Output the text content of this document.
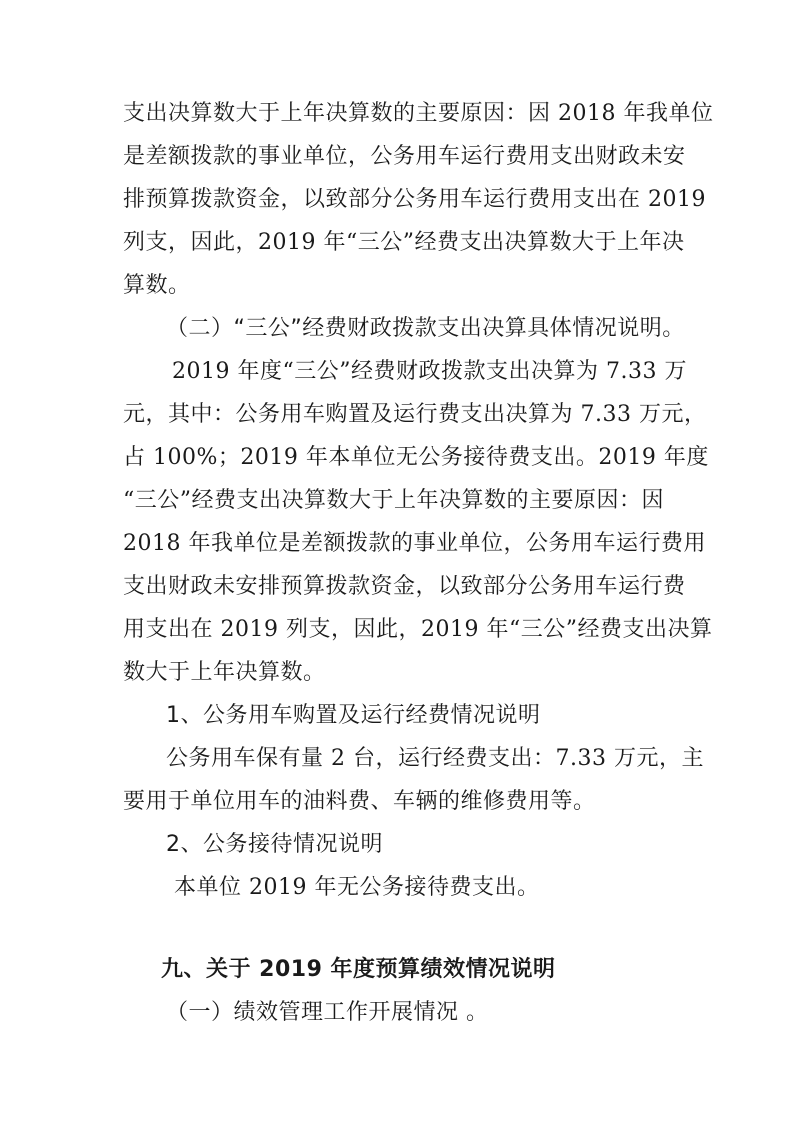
支出决算数大于上年决算数的主要原因：因 2018 年我单位

是差额拨款的事业单位，公务用车运行费用支出财政未安

排预算拨款资金，以致部分公务用车运行费用支出在 2019

列支，因此，2019 年“三公”经费支出决算数大于上年决

算数。

（二）“三公”经费财政拨款支出决算具体情况说明。

2019 年度“三公”经费财政拨款支出决算为 7.33 万

元，其中：公务用车购置及运行费支出决算为 7.33 万元，

占 100%；2019 年本单位无公务接待费支出。2019 年度

“三公”经费支出决算数大于上年决算数的主要原因：因

2018 年我单位是差额拨款的事业单位，公务用车运行费用

支出财政未安排预算拨款资金，以致部分公务用车运行费

用支出在 2019 列支，因此，2019 年“三公”经费支出决算

数大于上年决算数。

1、公务用车购置及运行经费情况说明

公务用车保有量 2 台，运行经费支出：7.33 万元，主

要用于单位用车的油料费、车辆的维修费用等。

2、公务接待情况说明

本单位 2019 年无公务接待费支出。

九、关于 2019 年度预算绩效情况说明

（一）绩效管理工作开展情况 。
